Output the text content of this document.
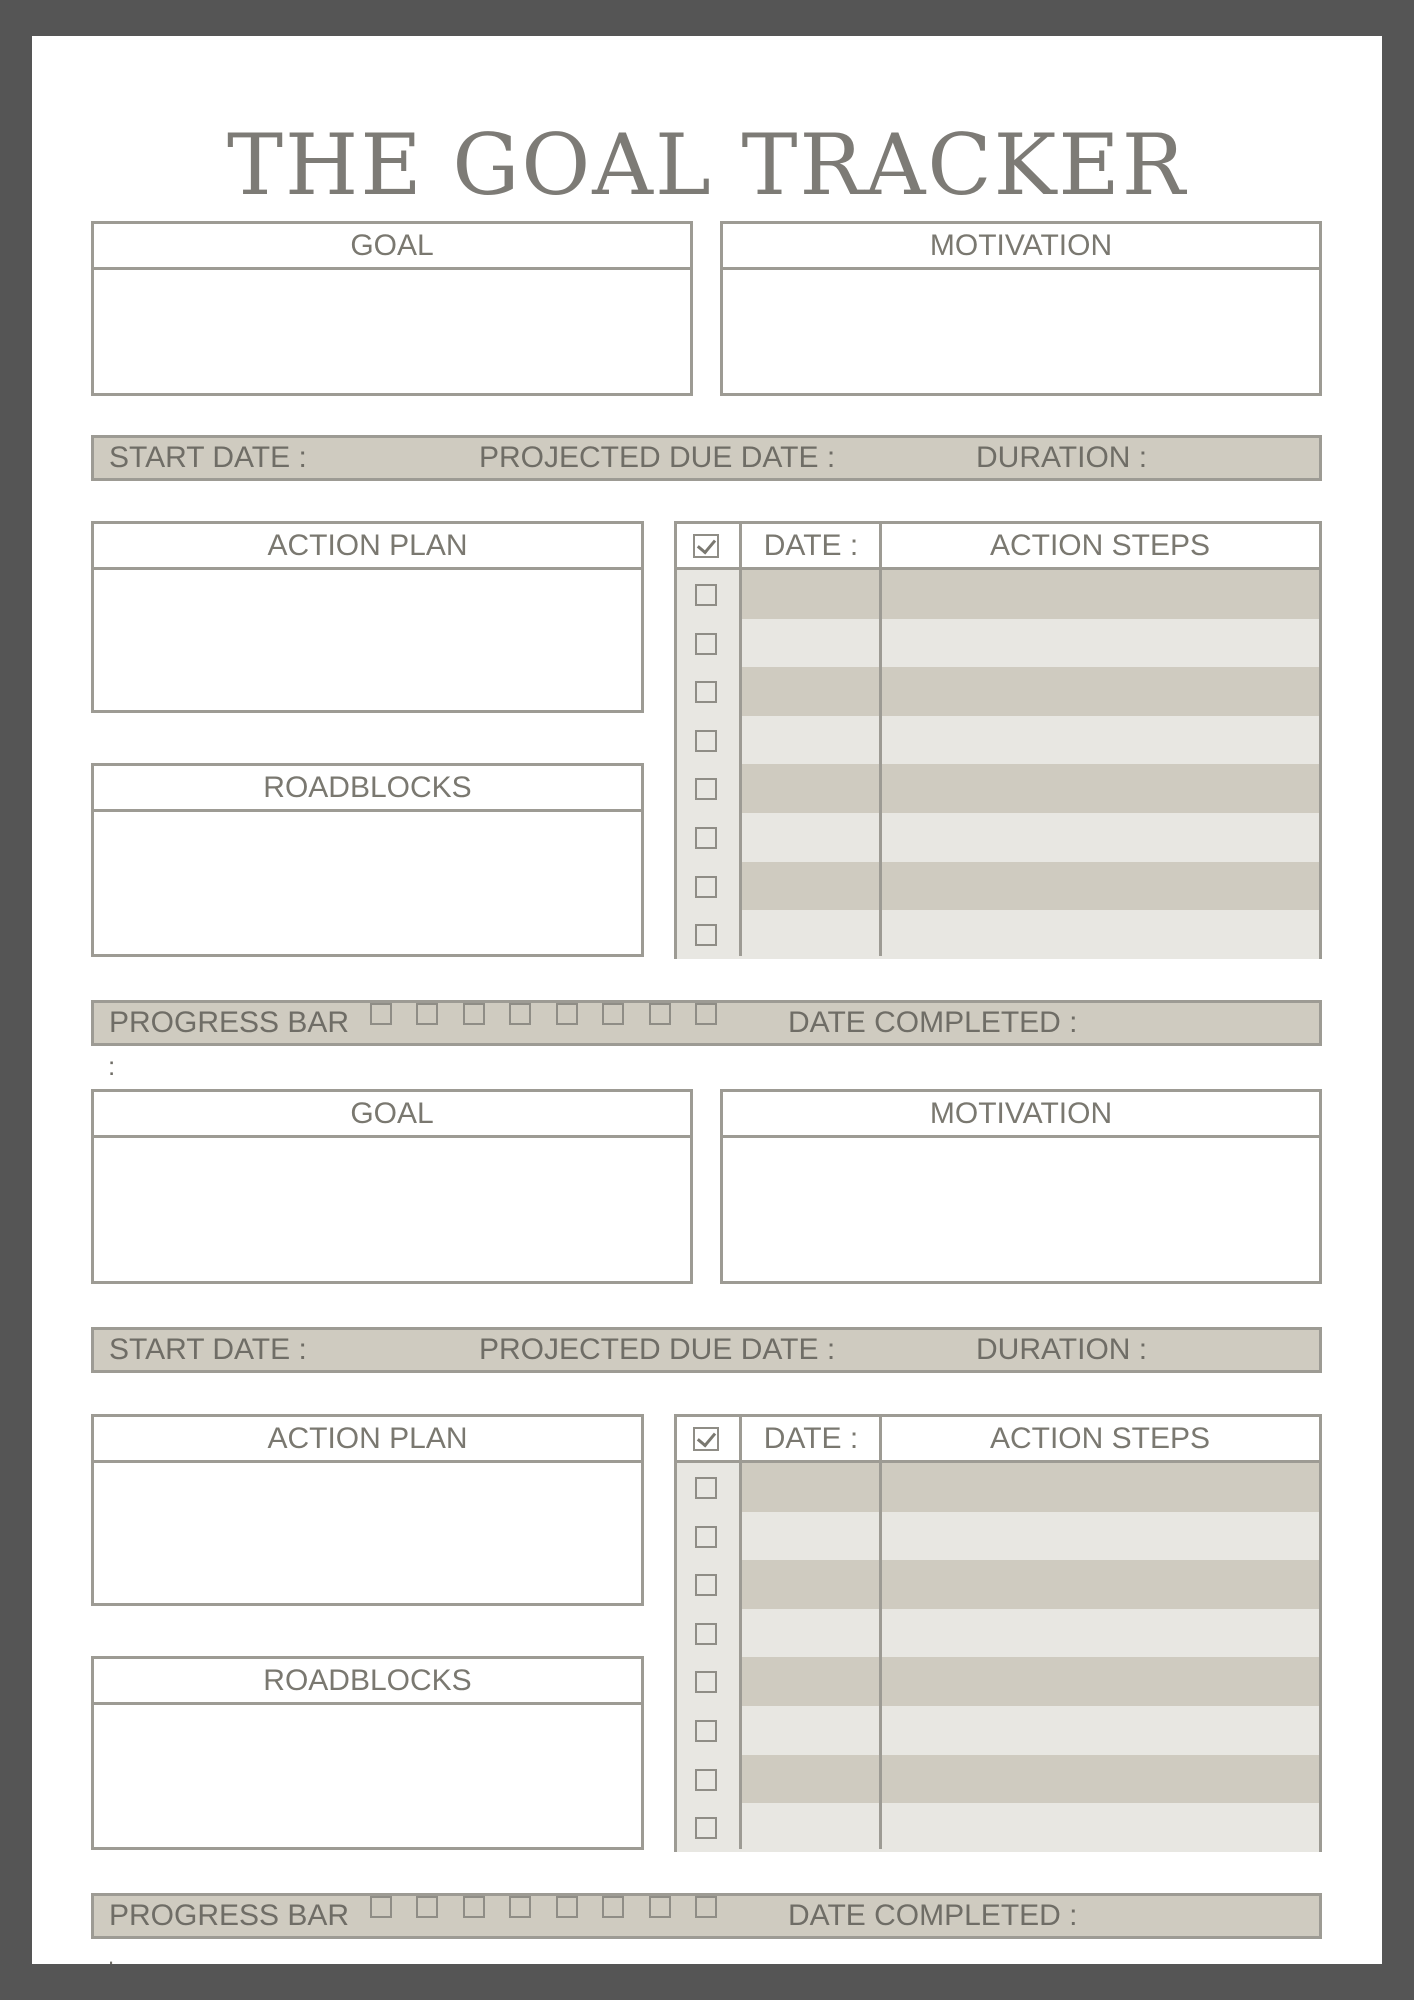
THE GOAL TRACKER
GOAL	MOTIVATION
START DATE :	PROJECTED DUE DATE :	DURATION :
ACTION PLAN
ROADBLOCKS
DATE :	ACTION STEPS
PROGRESS BAR	DATE COMPLETED :
:
GOAL	MOTIVATION
START DATE :	PROJECTED DUE DATE :	DURATION :
ACTION PLAN
ROADBLOCKS
DATE :	ACTION STEPS
PROGRESS BAR	DATE COMPLETED :
.
